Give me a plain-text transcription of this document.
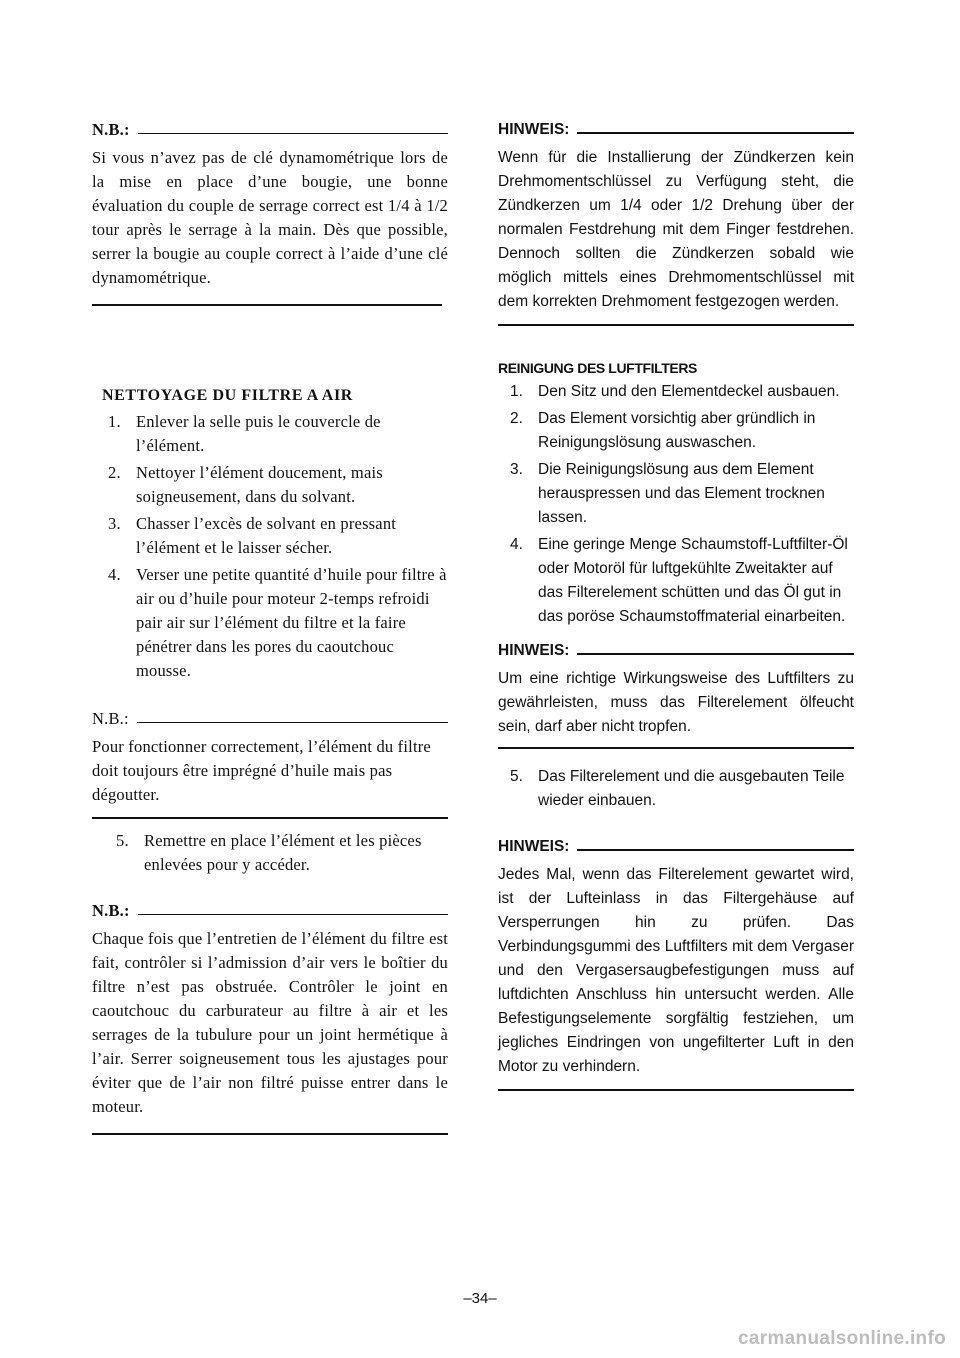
N.B.:

Si vous n’avez pas de clé dynamométrique lors de la mise en place d’une bougie, une bonne évaluation du couple de serrage correct est 1/4 à 1/2 tour après le serrage à la main. Dès que possible, serrer la bougie au couple correct à l’aide d’une clé dynamométrique.

NETTOYAGE DU FILTRE A AIR
1. Enlever la selle puis le couvercle de l’élément.
2. Nettoyer l’élément doucement, mais soigneusement, dans du solvant.
3. Chasser l’excès de solvant en pressant l’élément et le laisser sécher.
4. Verser une petite quantité d’huile pour filtre à air ou d’huile pour moteur 2-temps refroidi pair air sur l’élément du filtre et la faire pénétrer dans les pores du caoutchouc mousse.
N.B.:

Pour fonctionner correctement, l’élément du filtre doit toujours être imprégné d’huile mais pas dégoutter.

5. Remettre en place l’élément et les pièces enlevées pour y accéder.
N.B.:

Chaque fois que l’entretien de l’élément du filtre est fait, contrôler si l’admission d’air vers le boîtier du filtre n’est pas obstruée. Contrôler le joint en caoutchouc du carburateur au filtre à air et les serrages de la tubulure pour un joint hermétique à l’air. Serrer soigneusement tous les ajustages pour éviter que de l’air non filtré puisse entrer dans le moteur.

HINWEIS:

Wenn für die Installierung der Zündkerzen kein Drehmomentschlüssel zu Verfügung steht, die Zündkerzen um 1/4 oder 1/2 Drehung über der normalen Festdrehung mit dem Finger festdrehen. Dennoch sollten die Zündkerzen sobald wie möglich mittels eines Drehmomentschlüssel mit dem korrekten Drehmoment festgezogen werden.

REINIGUNG DES LUFTFILTERS
1. Den Sitz und den Elementdeckel ausbauen.
2. Das Element vorsichtig aber gründlich in Reinigungslösung auswaschen.
3. Die Reinigungslösung aus dem Element herauspressen und das Element trocknen lassen.
4. Eine geringe Menge Schaumstoff-Luftfilter-Öl oder Motoröl für luftgekühlte Zweitakter auf das Filterelement schütten und das Öl gut in das poröse Schaumstoffmaterial einarbeiten.
HINWEIS:

Um eine richtige Wirkungsweise des Luftfilters zu gewährleisten, muss das Filterelement ölfeucht sein, darf aber nicht tropfen.

5. Das Filterelement und die ausgebauten Teile wieder einbauen.
HINWEIS:

Jedes Mal, wenn das Filterelement gewartet wird, ist der Lufteinlass in das Filtergehäuse auf Versperrungen hin zu prüfen. Das Verbindungsgummi des Luftfilters mit dem Vergaser und den Vergasersaugbefestigungen muss auf luftdichten Anschluss hin untersucht werden. Alle Befestigungselemente sorgfältig festziehen, um jegliches Eindringen von ungefilterter Luft in den Motor zu verhindern.

–34–
carmanualsonline.info
